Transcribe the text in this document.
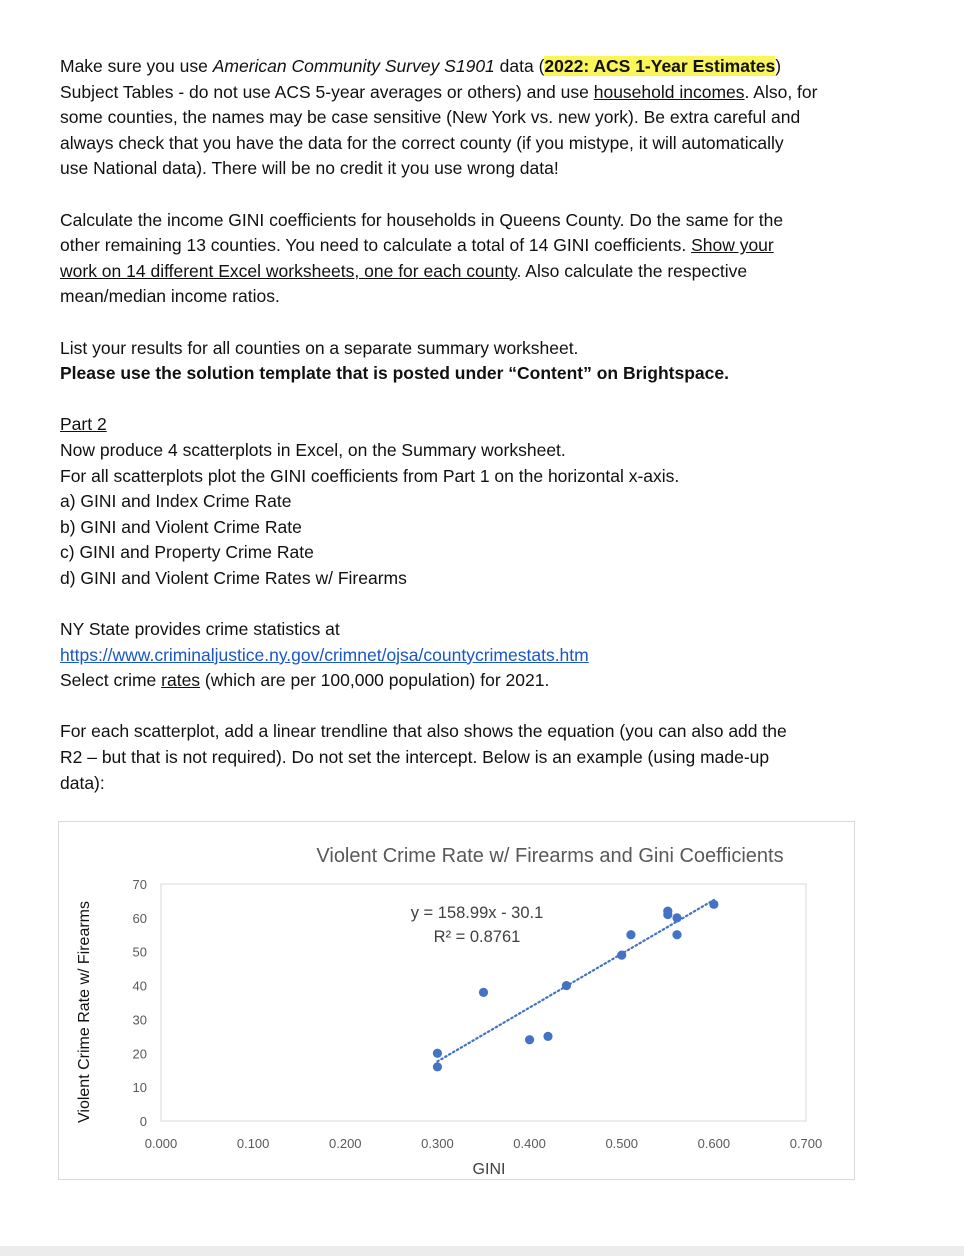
Make sure you use American Community Survey S1901 data (2022: ACS 1-Year Estimates)
Subject Tables - do not use ACS 5-year averages or others) and use household incomes. Also, for
some counties, the names may be case sensitive (New York vs. new york). Be extra careful and
always check that you have the data for the correct county (if you mistype, it will automatically
use National data). There will be no credit it you use wrong data!

Calculate the income GINI coefficients for households in Queens County. Do the same for the
other remaining 13 counties. You need to calculate a total of 14 GINI coefficients. Show your
work on 14 different Excel worksheets, one for each county. Also calculate the respective
mean/median income ratios.

List your results for all counties on a separate summary worksheet.
Please use the solution template that is posted under “Content” on Brightspace.

Part 2
Now produce 4 scatterplots in Excel, on the Summary worksheet.
For all scatterplots plot the GINI coefficients from Part 1 on the horizontal x-axis.
a) GINI and Index Crime Rate
b) GINI and Violent Crime Rate
c) GINI and Property Crime Rate
d) GINI and Violent Crime Rates w/ Firearms

NY State provides crime statistics at
https://www.criminaljustice.ny.gov/crimnet/ojsa/countycrimestats.htm
Select crime rates (which are per 100,000 population) for 2021.

For each scatterplot, add a linear trendline that also shows the equation (you can also add the
R2 – but that is not required). Do not set the intercept. Below is an example (using made-up
data):

Violent Crime Rate w/ Firearms and Gini Coefficients
0.000	0.100	0.200	0.300	0.400	0.500	0.600	0.700
0
10
20
30
40
50
60
70
y = 158.99x - 30.1
R² = 0.8761
GINI
Violent Crime Rate w/ Firearms
